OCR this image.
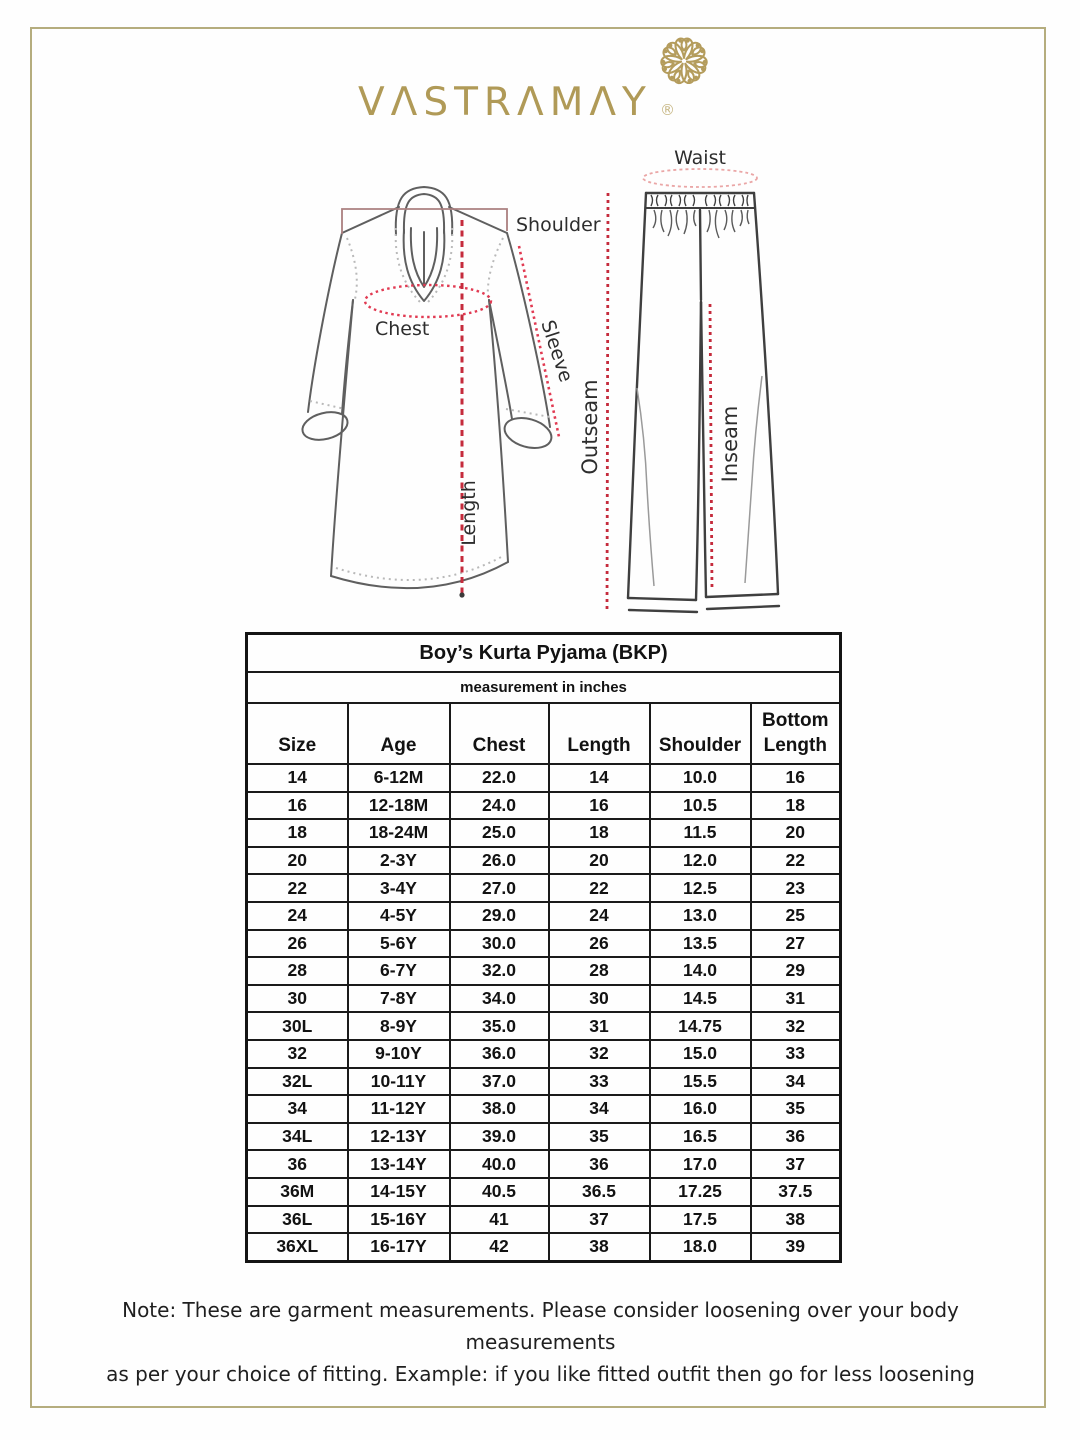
VΛSTRΛMΛY ®
Shoulder
Chest	Sleeve
Length
Waist
Outseam	Inseam
Boy’s Kurta Pyjama (BKP)					
measurement in inches					
Size	Age	Chest	Length	Shoulder	Bottom Length
14	6-12M	22.0	14	10.0	16
16	12-18M	24.0	16	10.5	18
18	18-24M	25.0	18	11.5	20
20	2-3Y	26.0	20	12.0	22
22	3-4Y	27.0	22	12.5	23
24	4-5Y	29.0	24	13.0	25
26	5-6Y	30.0	26	13.5	27
28	6-7Y	32.0	28	14.0	29
30	7-8Y	34.0	30	14.5	31
30L	8-9Y	35.0	31	14.75	32
32	9-10Y	36.0	32	15.0	33
32L	10-11Y	37.0	33	15.5	34
34	11-12Y	38.0	34	16.0	35
34L	12-13Y	39.0	35	16.5	36
36	13-14Y	40.0	36	17.0	37
36M	14-15Y	40.5	36.5	17.25	37.5
36L	15-16Y	41	37	17.5	38
36XL	16-17Y	42	38	18.0	39
Note: These are garment measurements. Please consider loosening over your body measurements
as per your choice of fitting. Example: if you like fitted outfit then go for less loosening
